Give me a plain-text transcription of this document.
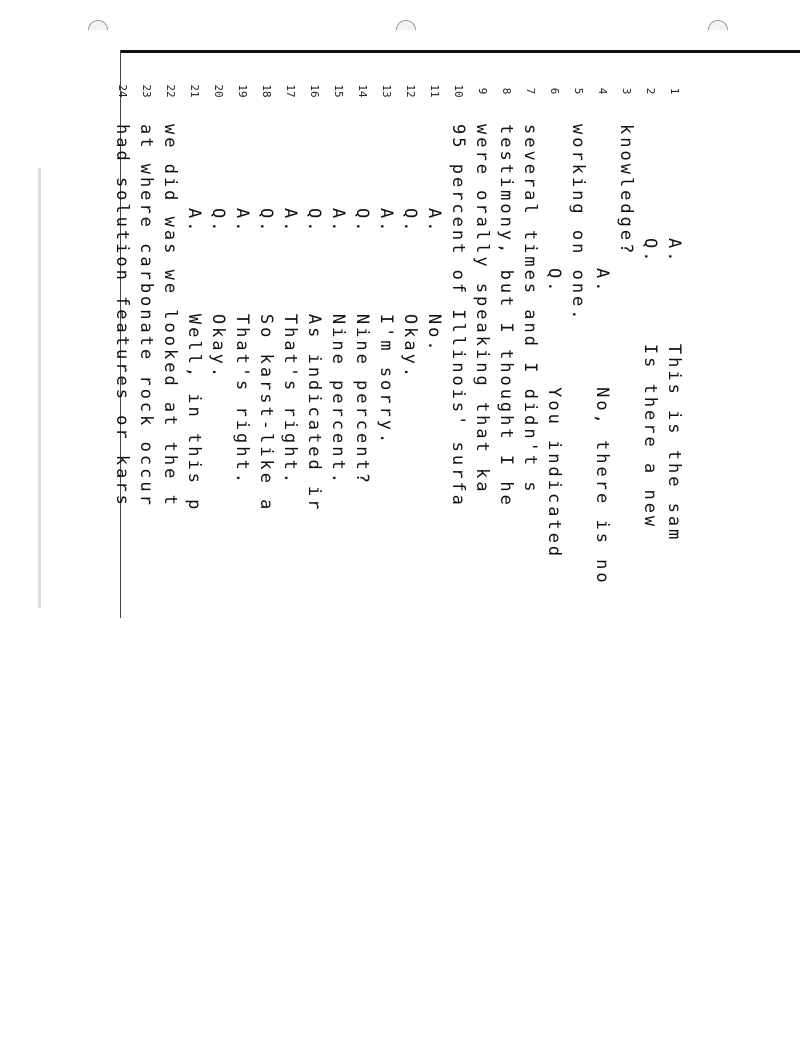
1
A.      This is the sam
2
Q.      Is there a new
3
knowledge?
4
A.       No, there is no
5
working on one.
6
Q.       You indicated
7
several times and I didn't s
8
testimony, but I thought I he
9
were orally speaking that ka
10
95 percent of Illinois' surfa
11
A.      No.
12
Q.      Okay.
13
A.      I'm sorry.
14
Q.      Nine percent?
15
A.      Nine percent.
16
Q.      As indicated ir
17
A.      That's right.
18
Q.      So karst-like a
19
A.      That's right.
20
Q.      Okay.
21
A.      Well, in this p
22
we did was we looked at the t
23
at where carbonate rock occur
24
had solution features or kars
